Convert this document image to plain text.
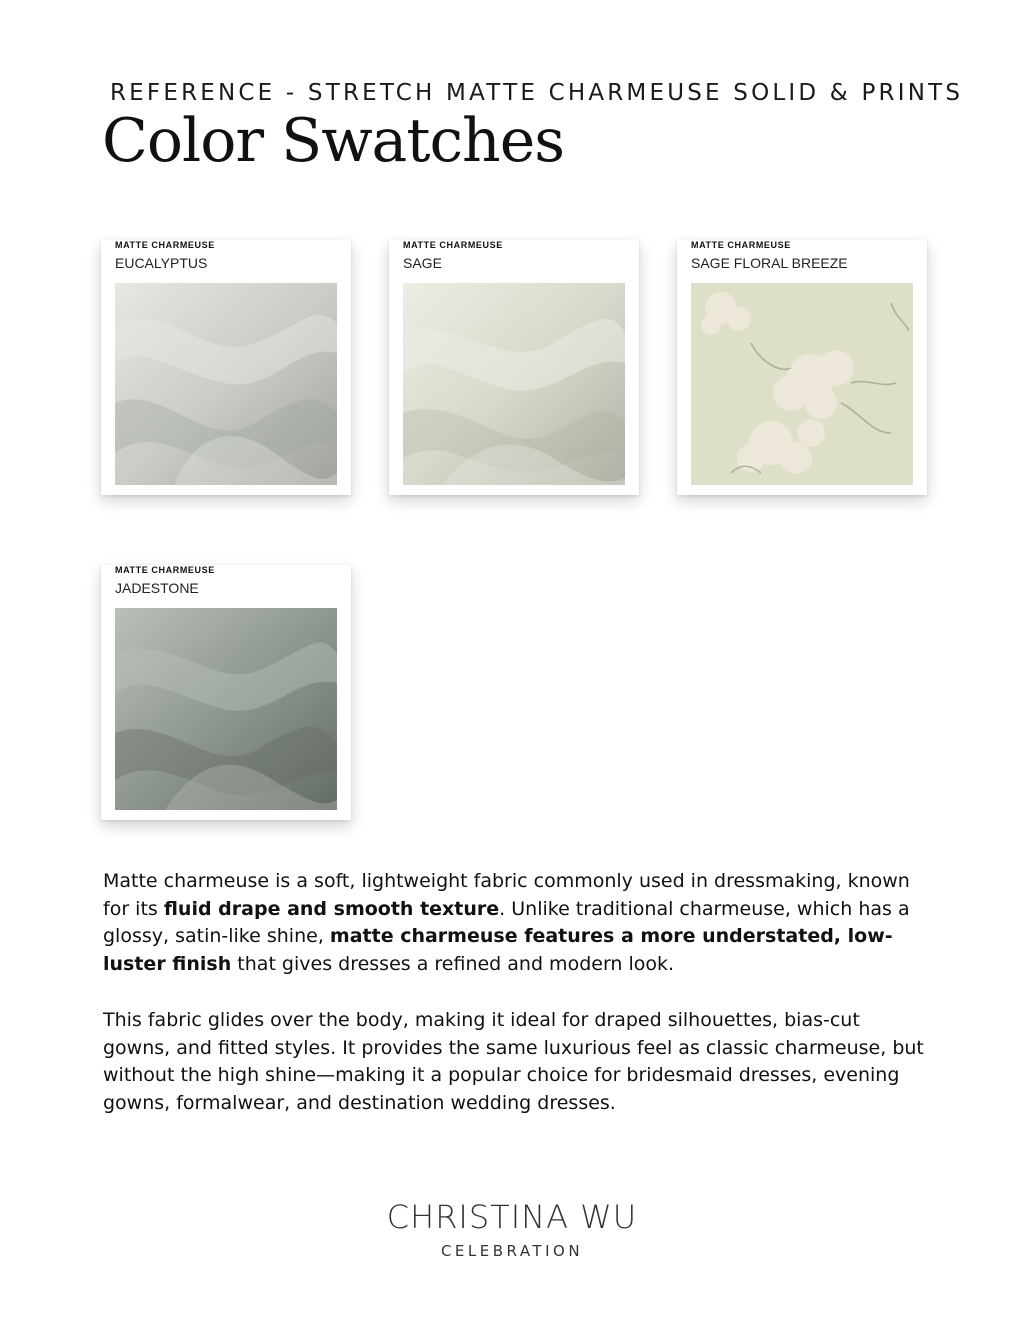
REFERENCE - STRETCH MATTE CHARMEUSE SOLID & PRINTS
Color Swatches
MATTE CHARMEUSE
EUCALYPTUS
MATTE CHARMEUSE
SAGE
MATTE CHARMEUSE
SAGE FLORAL BREEZE
MATTE CHARMEUSE
JADESTONE

Matte charmeuse is a soft, lightweight fabric commonly used in dressmaking, known for its fluid drape and smooth texture. Unlike traditional charmeuse, which has a glossy, satin-like shine, matte charmeuse features a more understated, low-luster finish that gives dresses a refined and modern look.

This fabric glides over the body, making it ideal for draped silhouettes, bias-cut gowns, and fitted styles. It provides the same luxurious feel as classic charmeuse, but without the high shine—making it a popular choice for bridesmaid dresses, evening gowns, formalwear, and destination wedding dresses.

CHRISTINA WU
CELEBRATION
